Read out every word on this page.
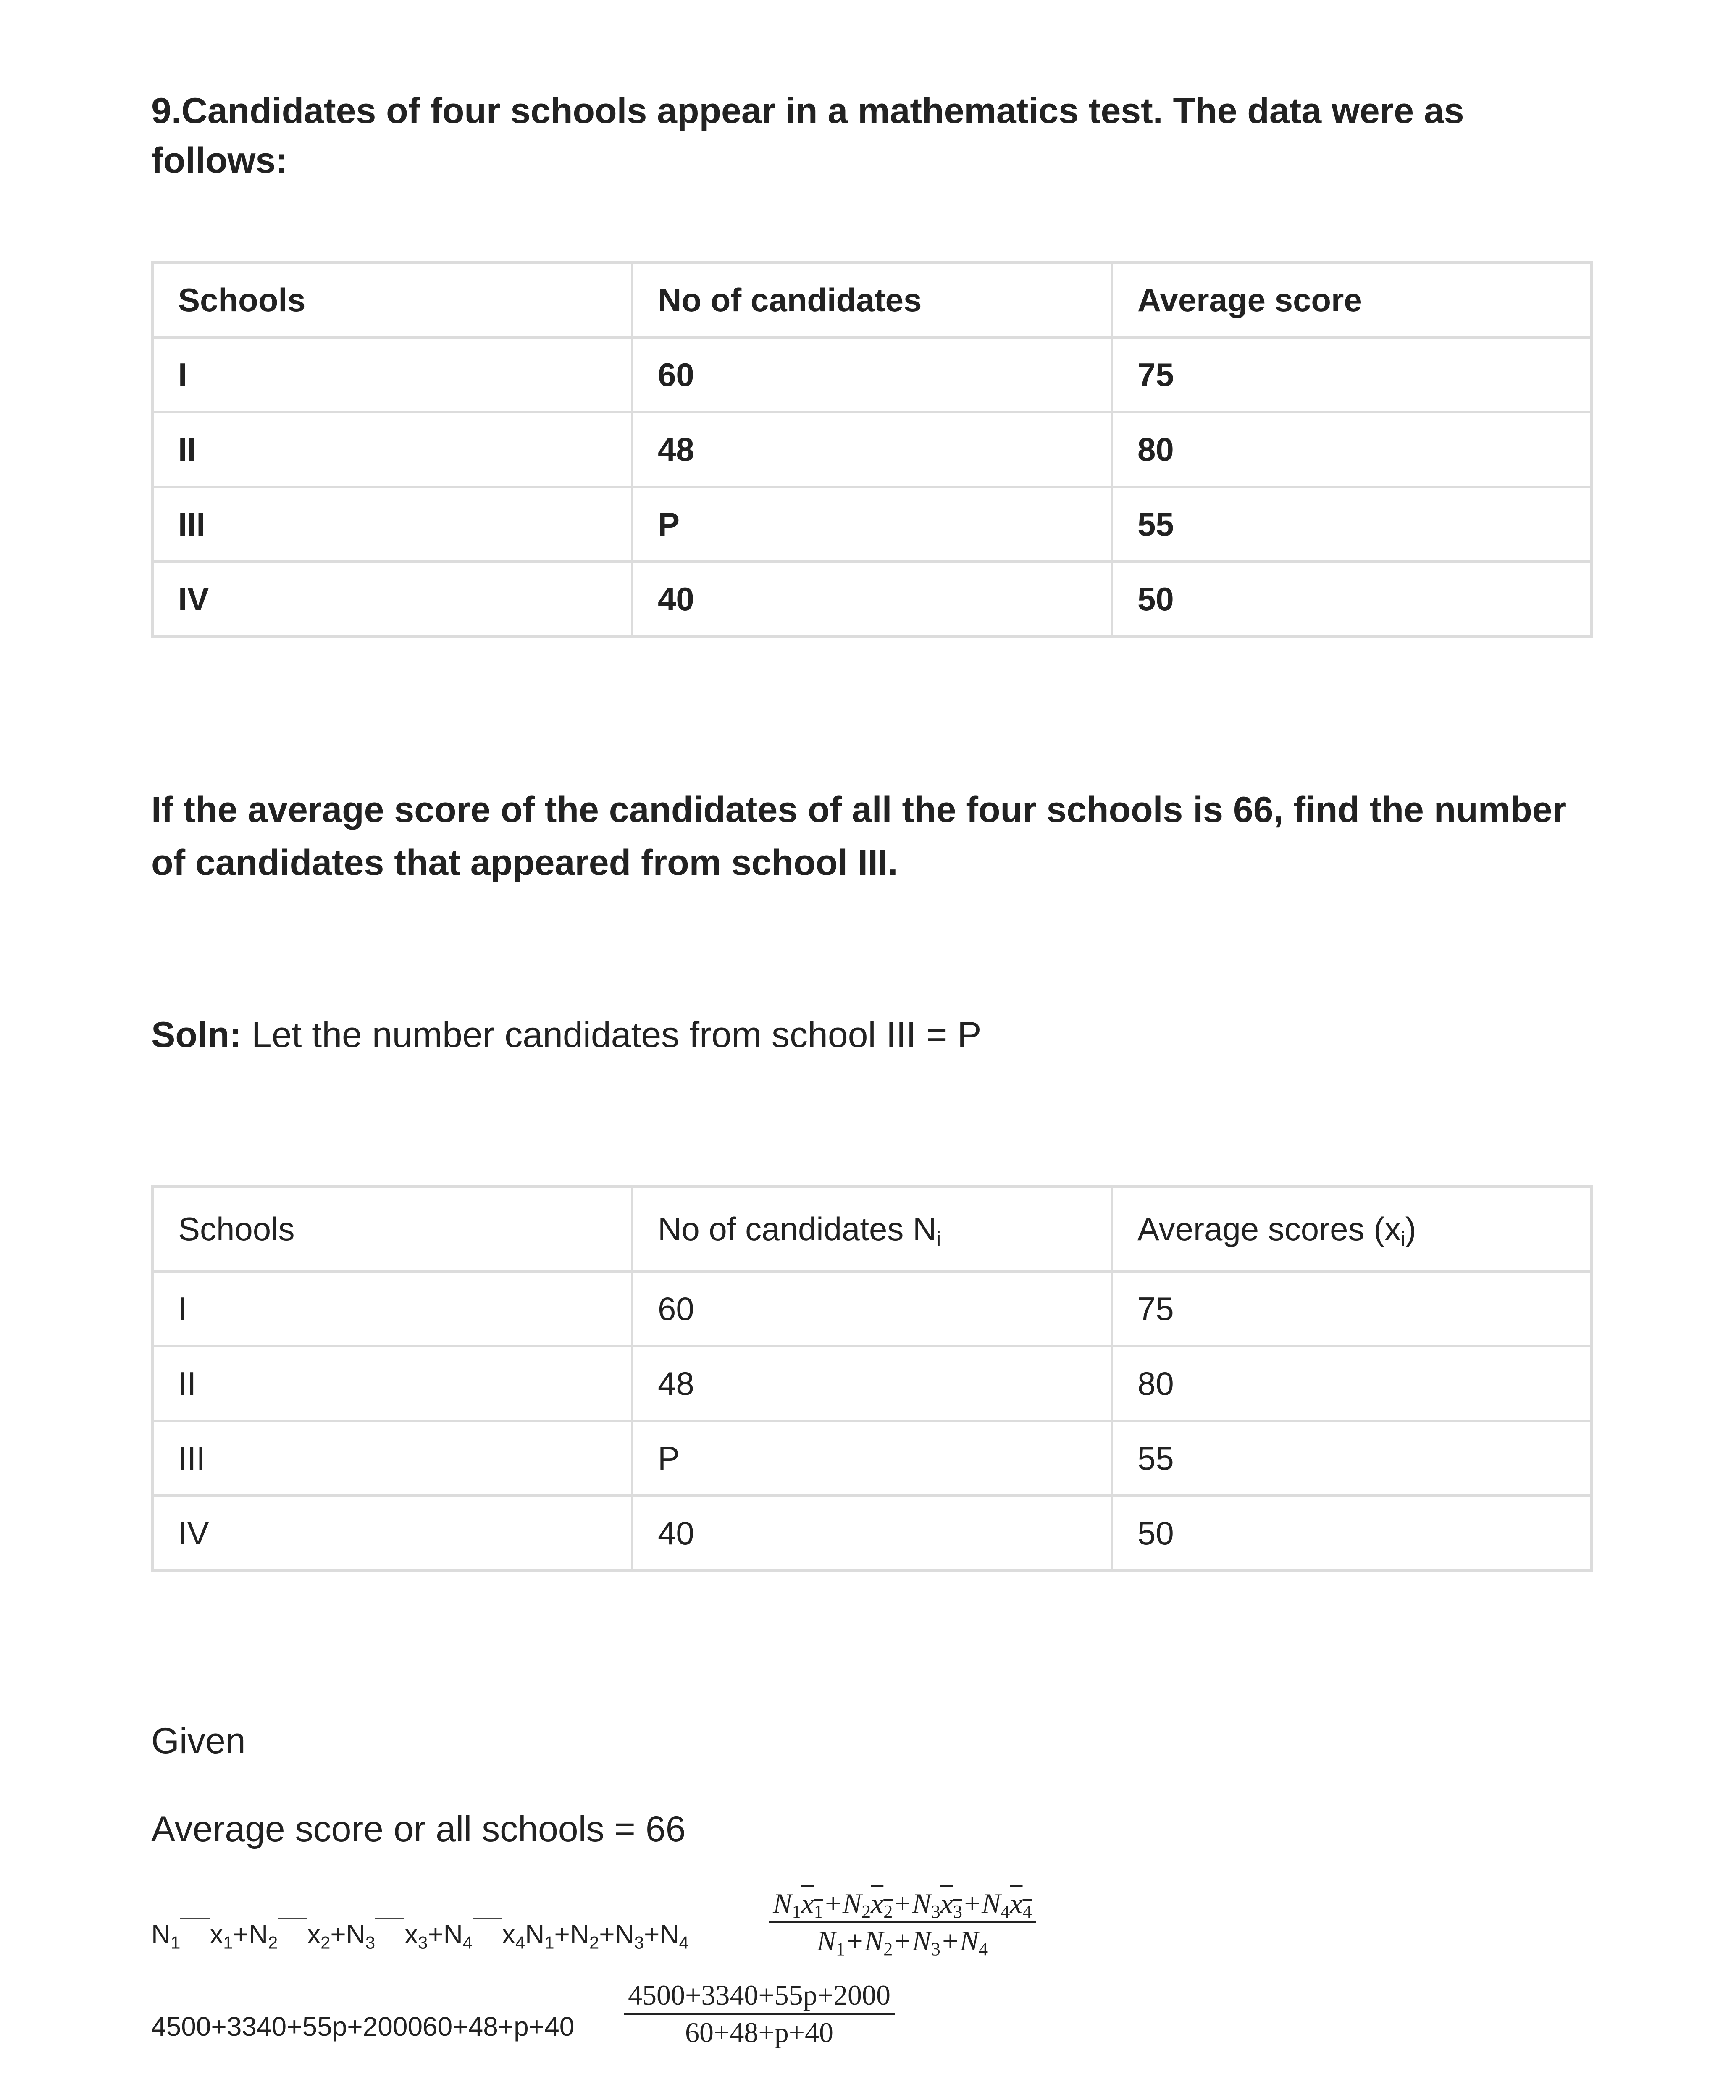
9.Candidates of four schools appear in a mathematics test. The data were as follows:
Schools	No of candidates	Average score
I	60	75
II	48	80
III	P	55
IV	40	50
If the average score of the candidates of all the four schools is 66, find the number of candidates that appeared from school III.
Soln: Let the number candidates from school III = P
Schools	No of candidates $N_i$	Average scores $(x_i)$
I	60	75
II	48	80
III	P	55
IV	40	50
Given
Average score or all schools = 66
$N_1$ $x_1+N_2$ $x_2+N_3$ $x_3+N_4$ $x_4N_1+N_2+N_3+N_4$	$\frac{N_1x_1+N_2x_2+N_3x_3+N_4x_4}{N_1+N_2+N_3+N_4}$
$4500+3340+55p+200060+48+p+40 \frac{4500+3340+55p+2000}{60+48+p+40}$
